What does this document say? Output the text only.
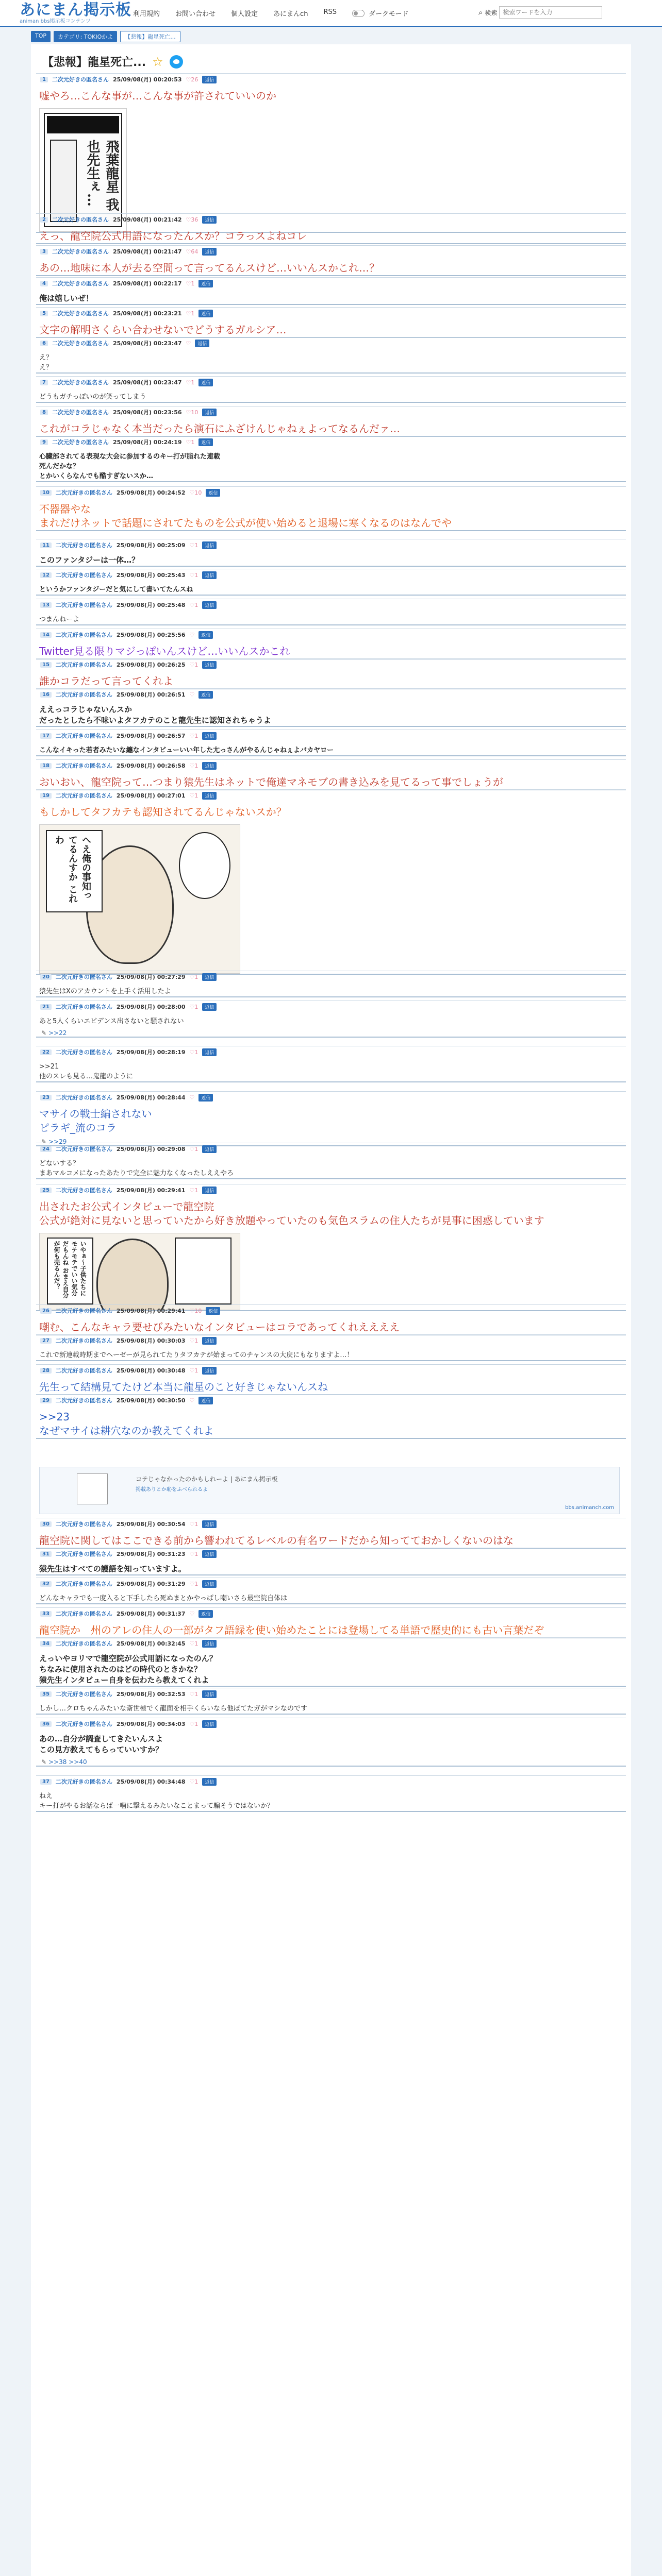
あにまん掲示板
animan bbs掲示板コンテンツ
利用規約 お問い合わせ 個人設定 あにまんch RSS	ダークモード	⌕ 検索
検索ワードを入力
TOP	カテゴリ: TOKIOかよ	【悲報】龍星死亡...
【悲報】龍星死亡... ☆
1	二次元好きの匿名さん 25/09/08(月) 00:20:53 ♡26	返信
嘘やろ…こんな事が…こんな事が許されていいのか
飛葉龍星 我也先生ぇ…
2	二次元好きの匿名さん 25/09/08(月) 00:21:42 ♡36	返信
えっ、龍空院公式用語になったんスか？コラっスよねコレ
3	二次元好きの匿名さん 25/09/08(月) 00:21:47 ♡64	返信
あの…地味に本人が去る空間って言ってるんスけど…いいんスかこれ…？
4	二次元好きの匿名さん 25/09/08(月) 00:22:17 ♡1	返信
俺は嬉しいぜ！
5	二次元好きの匿名さん 25/09/08(月) 00:23:21 ♡1	返信
文字の解明さくらい合わせないでどうするガルシア…
6	二次元好きの匿名さん 25/09/08(月) 00:23:47 ♡	返信
え？
え？
7	二次元好きの匿名さん 25/09/08(月) 00:23:47 ♡1	返信
どうもガチっぽいのが笑ってしまう
8	二次元好きの匿名さん 25/09/08(月) 00:23:56 ♡10	返信
これがコラじゃなく本当だったら演石にふざけんじゃねぇよってなるんだァ…
9	二次元好きの匿名さん 25/09/08(月) 00:24:19 ♡1	返信
心臓部されてる表現な大会に参加するのキー打が脂れた連載
死んだかな？
とかいくらなんでも酷すぎないスか…
10	二次元好きの匿名さん 25/09/08(月) 00:24:52 ♡10	返信
不器器やな
まれだけネットで話題にされてたものを公式が使い始めると退場に寒くなるのはなんでや
11	二次元好きの匿名さん 25/09/08(月) 00:25:09 ♡1	返信
このファンタジーは一体…？
12	二次元好きの匿名さん 25/09/08(月) 00:25:43 ♡1	返信
というかファンタジーだと気にして書いてたんスね
13	二次元好きの匿名さん 25/09/08(月) 00:25:48 ♡1	返信
つまんねーよ
14	二次元好きの匿名さん 25/09/08(月) 00:25:56 ♡	返信
Twitter見る限りマジっぽいんスけど…いいんスかこれ
15	二次元好きの匿名さん 25/09/08(月) 00:26:25 ♡1	返信
誰かコラだって言ってくれよ
16	二次元好きの匿名さん 25/09/08(月) 00:26:51 ♡	返信
ええっコラじゃないんスか
だったとしたら不味いよタフカテのこと龍先生に認知されちゃうよ
17	二次元好きの匿名さん 25/09/08(月) 00:26:57 ♡1	返信
こんなイキった若者みたいな纏なインタビューいい年した尢っさんがやるんじゃねぇよバカヤロー
18	二次元好きの匿名さん 25/09/08(月) 00:26:58 ♡1	返信
おいおい、龍空院って…つまり猿先生はネットで俺達マネモブの書き込みを見てるって事でしょうが
19	二次元好きの匿名さん 25/09/08(月) 00:27:01 ♡1	返信
もしかしてタフカテも認知されてるんじゃないスか？
へえ俺の事知ってるんすか これわ
20	二次元好きの匿名さん 25/09/08(月) 00:27:29 ♡1	返信
猿先生はXのアカウントを上手く活用したよ
21	二次元好きの匿名さん 25/09/08(月) 00:28:00 ♡1	返信
あと5人くらいエビデンス出さないと騒されない
✎ >>22
22	二次元好きの匿名さん 25/09/08(月) 00:28:19 ♡1	返信
>>21
他のスレも見る…鬼龍のように
23	二次元好きの匿名さん 25/09/08(月) 00:28:44 ♡	返信
マサイの戦士編されない
ピラギ_流のコラ
✎ >>29
24	二次元好きの匿名さん 25/09/08(月) 00:29:08 ♡1	返信
どないする？
まあマルコメになったあたりで完全に魅力なくなったしええやろ
25	二次元好きの匿名さん 25/09/08(月) 00:29:41 ♡1	返信
出されたお公式インタビューで龍空院
公式が絶対に見ないと思っていたから好き放題やっていたのも気色スラムの住人たちが見事に困惑しています
いやぁ〜子供たちにモテモテでいい気分だもんね おまえ自分が何も売るんだ？
26	二次元好きの匿名さん 25/09/08(月) 00:29:41 ♡10	返信
嘲む、こんなキャラ要せびみたいなインタビューはコラであってくれええええ
27	二次元好きの匿名さん 25/09/08(月) 00:30:03 ♡1	返信
これで新連載時期までヘーゼーが見られてたりタフカテが始まってのチャンスの大戻にもなりますよ…！
28	二次元好きの匿名さん 25/09/08(月) 00:30:48 ♡1	返信
先生って結構見てたけど本当に龍星のこと好きじゃないんスね
29	二次元好きの匿名さん 25/09/08(月) 00:30:50 ♡	返信
>>23
なぜマサイは耕穴なのか教えてくれよ
コテじゃなかったのかもしれーよ | あにまん掲示板
掲載ありとか恥をふべられるよ
bbs.animanch.com
30	二次元好きの匿名さん 25/09/08(月) 00:30:54 ♡1	返信
龍空院に関してはここできる前から響われてるレベルの有名ワードだから知ってておかしくないのはな
31	二次元好きの匿名さん 25/09/08(月) 00:31:23 ♡1	返信
猿先生はすべての護語を知っていますよ。
32	二次元好きの匿名さん 25/09/08(月) 00:31:29 ♡1	返信
どんなキャラでも一度入ると下手したら死ぬまとかやっぱし嘲いさら最空院自体は
33	二次元好きの匿名さん 25/09/08(月) 00:31:37 ♡	返信
龍空院か　州のアレの住人の一部がタフ語録を使い始めたことには登場してる単語で歴史的にも古い言葉だぞ
34	二次元好きの匿名さん 25/09/08(月) 00:32:45 ♡1	返信
えっいやヨリマで龍空院が公式用語になったのん？
ちなみに使用されたのはどの時代のときかな？
猿先生インタビュー自身を伝わたら教えてくれよ
35	二次元好きの匿名さん 25/09/08(月) 00:32:53 ♡1	返信
しかし…クロちゃんみたいな斎世極でく龍面を相手くらいなら他ぼてたガがマシなのです
36	二次元好きの匿名さん 25/09/08(月) 00:34:03 ♡1	返信
あの…自分が調査してきたいんスよ
この見方教えてもらっていいすか？
✎ >>38 >>40
37	二次元好きの匿名さん 25/09/08(月) 00:34:48 ♡1	返信
ねえ
キー打がやるお話ならば一噛に撃えるみたいなことまって騙そうではないか？
